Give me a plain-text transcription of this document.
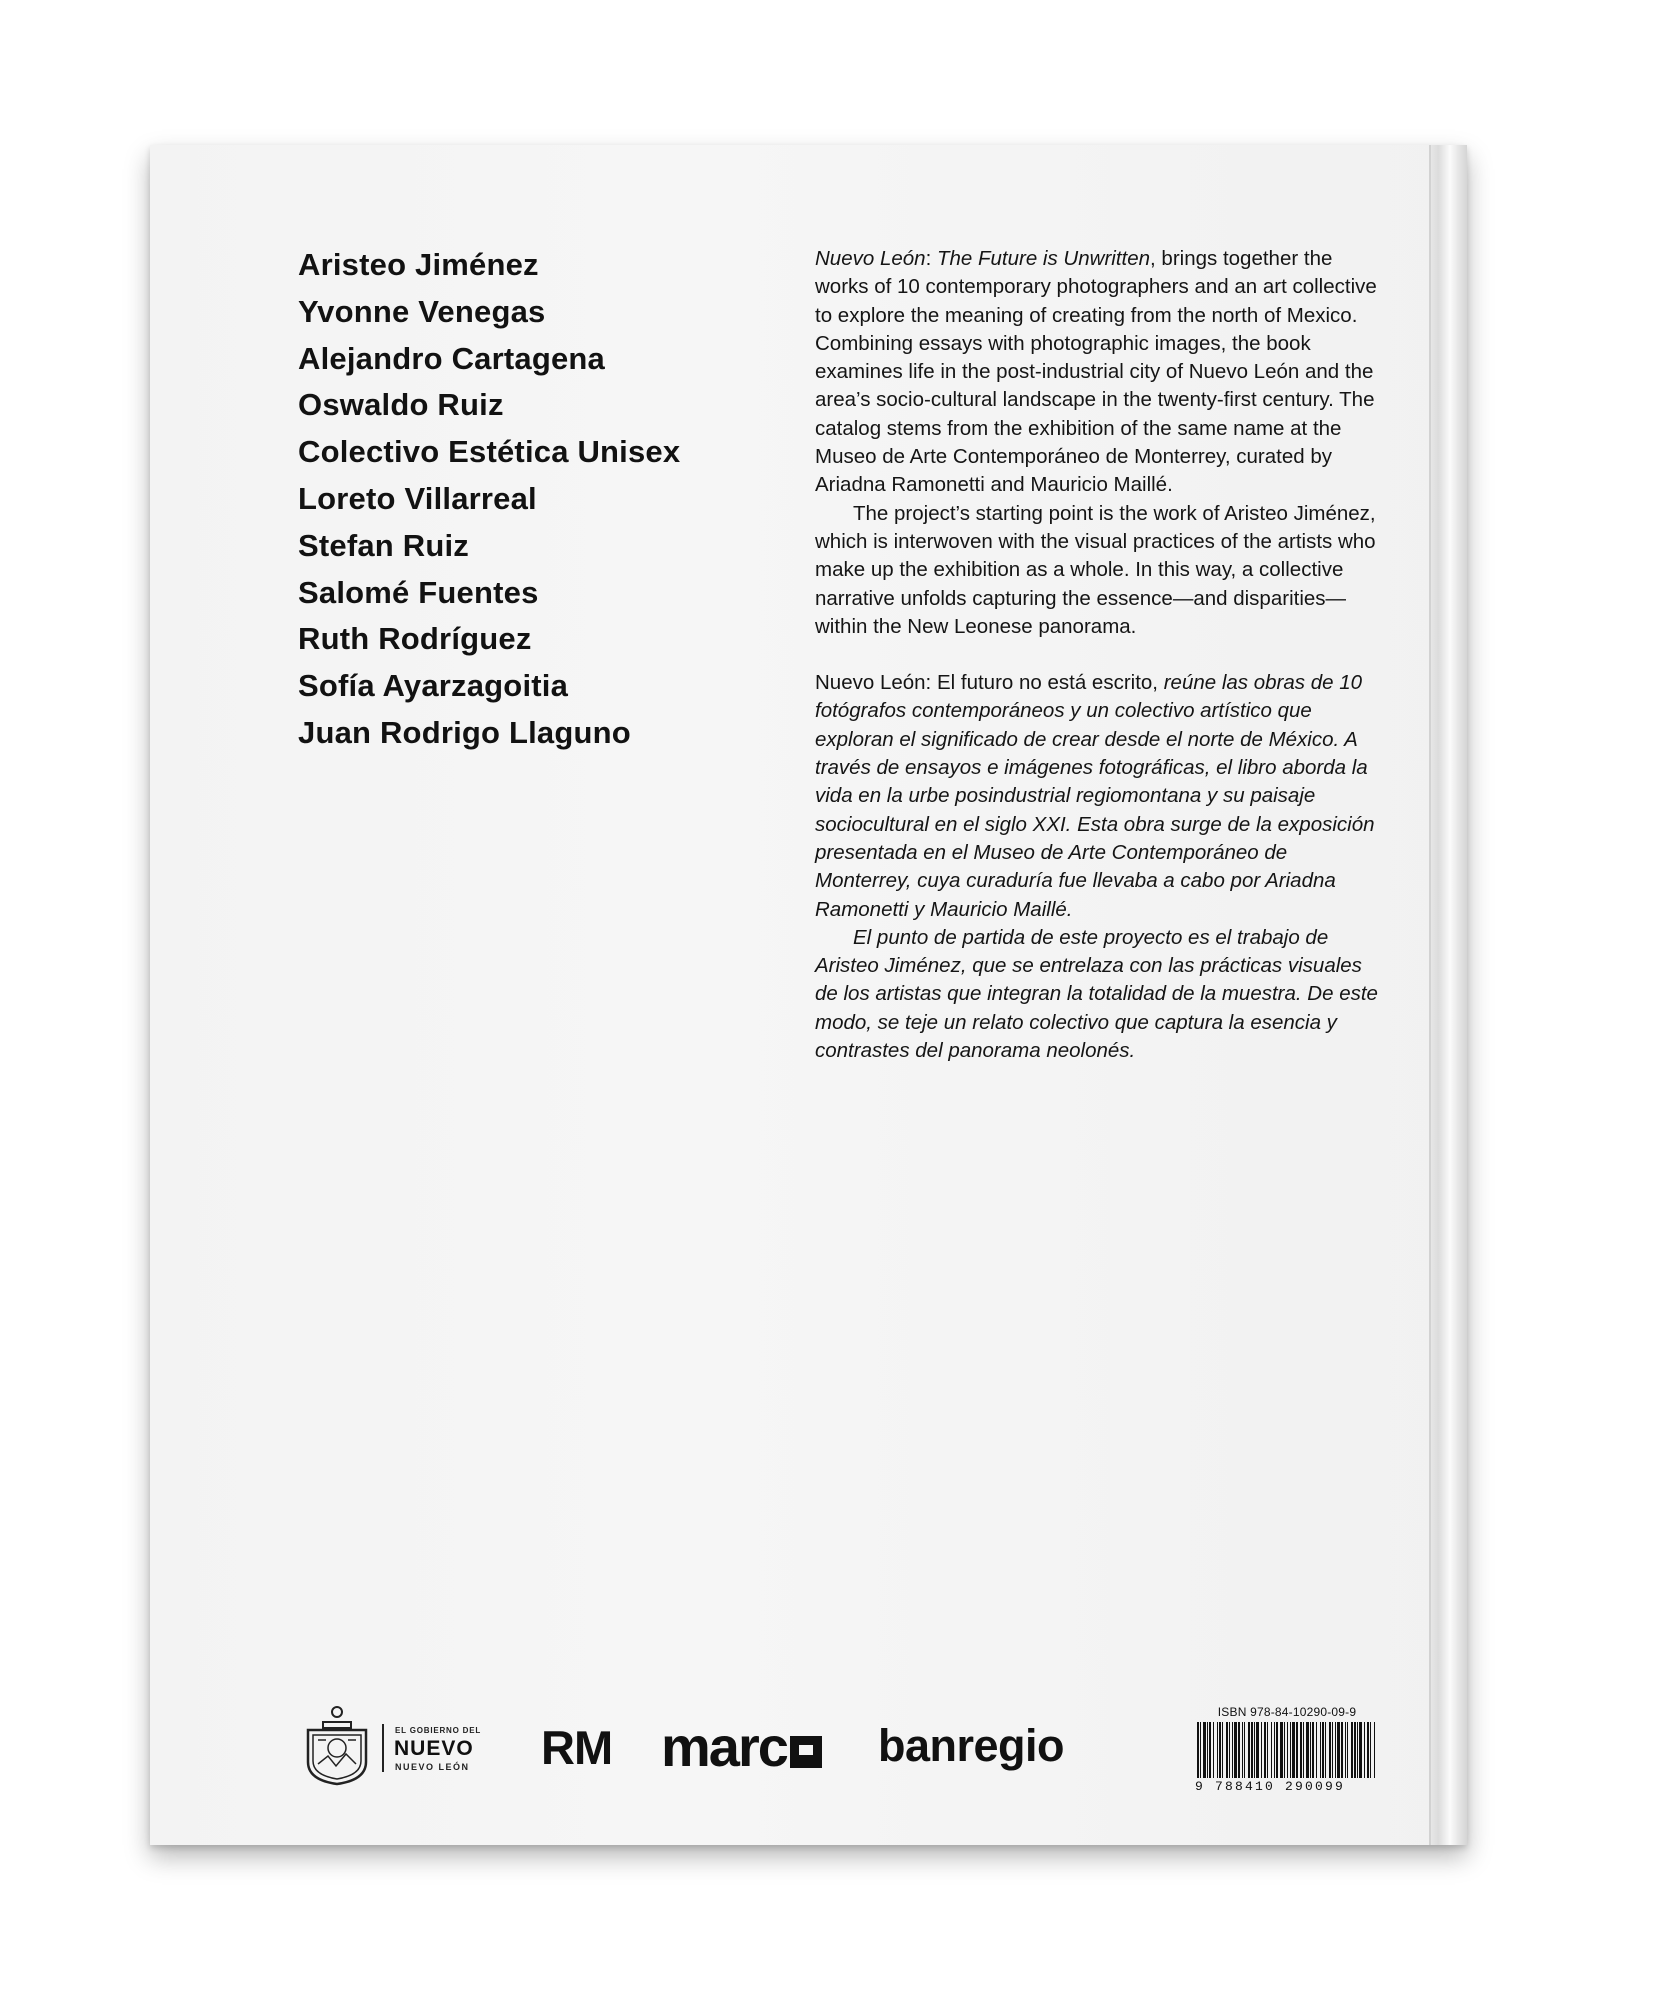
Aristeo Jiménez
Yvonne Venegas
Alejandro Cartagena
Oswaldo Ruiz
Colectivo Estética Unisex
Loreto Villarreal
Stefan Ruiz
Salomé Fuentes
Ruth Rodríguez
Sofía Ayarzagoitia
Juan Rodrigo Llaguno

Nuevo León: The Future is Unwritten, brings together the works of 10 contemporary photographers and an art collective to explore the meaning of creating from the north of Mexico. Combining essays with photographic images, the book examines life in the post-industrial city of Nuevo León and the area’s socio-cultural landscape in the twenty-first century. The catalog stems from the exhibition of the same name at the Museo de Arte Contemporáneo de Monterrey, curated by Ariadna Ramonetti and Mauricio Maillé.

The project’s starting point is the work of Aristeo Jiménez, which is interwoven with the visual practices of the artists who make up the exhibition as a whole. In this way, a collective narrative unfolds capturing the essence—and disparities—within the New Leonese panorama.

Nuevo León: El futuro no está escrito, reúne las obras de 10 fotógrafos contemporáneos y un colectivo artístico que exploran el significado de crear desde el norte de México. A través de ensayos e imágenes fotográficas, el libro aborda la vida en la urbe posindustrial regiomontana y su paisaje sociocultural en el siglo XXI. Esta obra surge de la exposición presentada en el Museo de Arte Contemporáneo de Monterrey, cuya curaduría fue llevaba a cabo por Ariadna Ramonetti y Mauricio Maillé.

El punto de partida de este proyecto es el trabajo de Aristeo Jiménez, que se entrelaza con las prácticas visuales de los artistas que integran la totalidad de la muestra. De este modo, se teje un relato colectivo que captura la esencia y contrastes del panorama neolonés.

EL GOBIERNO DEL
NUEVO
NUEVO LEÓN RM marc banregio
ISBN 978-84-10290-09-9
9 788410 290099
